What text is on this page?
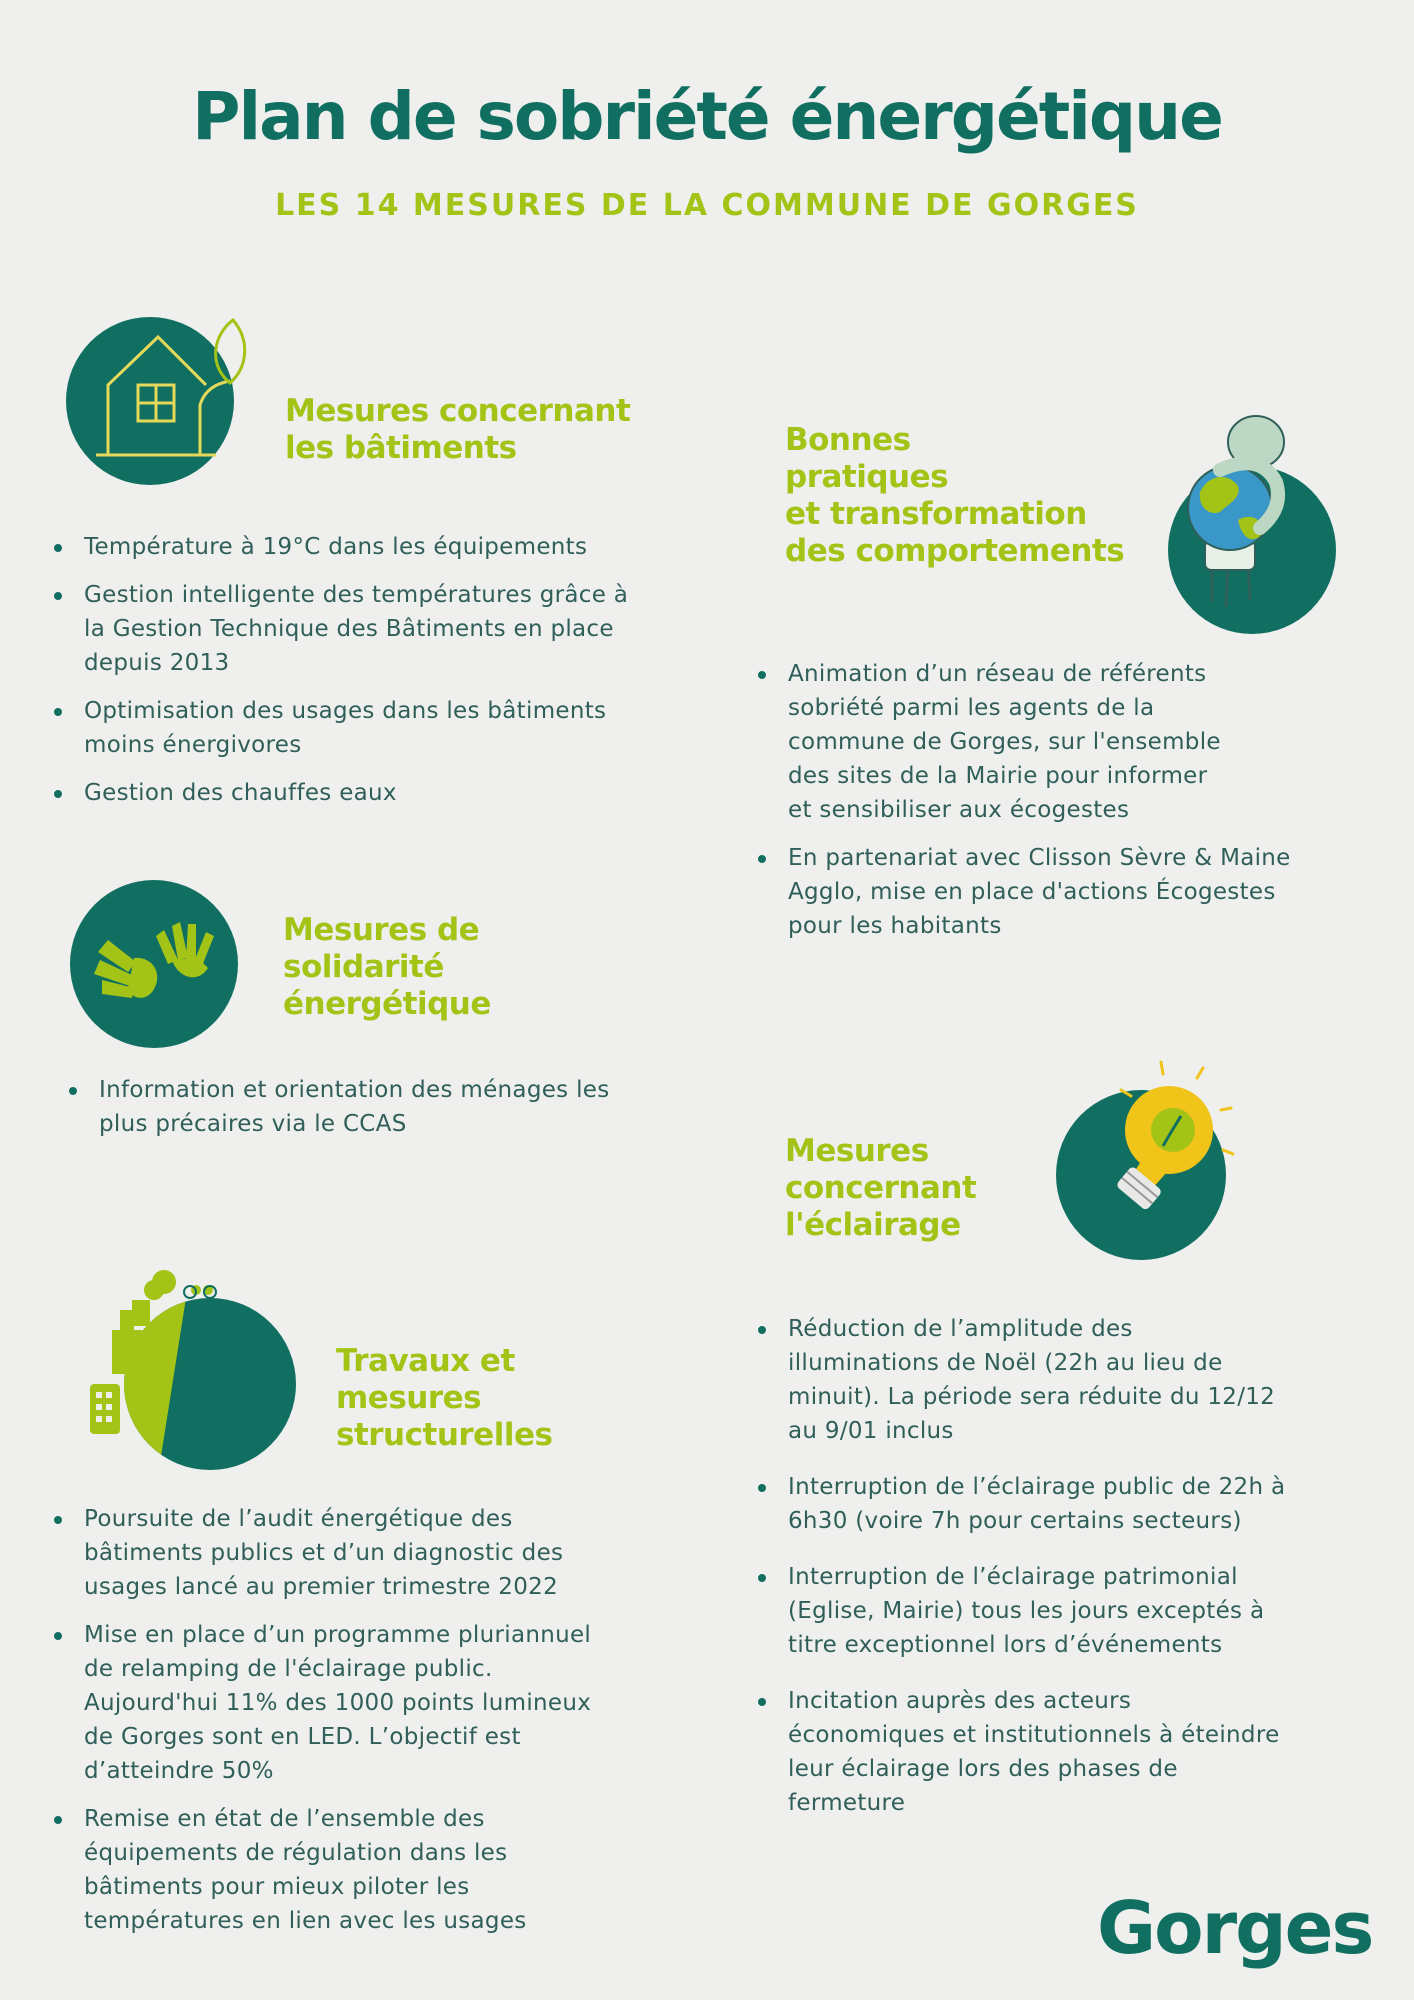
Plan de sobriété énergétique
LES 14 MESURES DE LA COMMUNE DE GORGES
Mesures concernant
les bâtiments
Température à 19°C dans les équipements
Gestion intelligente des températures grâce à
la Gestion Technique des Bâtiments en place
depuis 2013
Optimisation des usages dans les bâtiments
moins énergivores
Gestion des chauffes eaux
Bonnes
pratiques
et transformation
des comportements
Animation d’un réseau de référents
sobriété parmi les agents de la
commune de Gorges, sur l'ensemble
des sites de la Mairie pour informer
et sensibiliser aux écogestes
En partenariat avec Clisson Sèvre & Maine
Agglo, mise en place d'actions Écogestes
pour les habitants
Mesures de
solidarité
énergétique
Information et orientation des ménages les
plus précaires via le CCAS
Mesures
concernant
l'éclairage
Réduction de l’amplitude des
illuminations de Noël (22h au lieu de
minuit). La période sera réduite du 12/12
au 9/01 inclus
Interruption de l’éclairage public de 22h à
6h30 (voire 7h pour certains secteurs)
Interruption de l’éclairage patrimonial
(Eglise, Mairie) tous les jours exceptés à
titre exceptionnel lors d’événements
Incitation auprès des acteurs
économiques et institutionnels à éteindre
leur éclairage lors des phases de
fermeture
Travaux et
mesures
structurelles
Poursuite de l’audit énergétique des
bâtiments publics et d’un diagnostic des
usages lancé au premier trimestre 2022
Mise en place d’un programme pluriannuel
de relamping de l'éclairage public.
Aujourd'hui 11% des 1000 points lumineux
de Gorges sont en LED. L’objectif est
d’atteindre 50%
Remise en état de l’ensemble des
équipements de régulation dans les
bâtiments pour mieux piloter les
températures en lien avec les usages	Gorges
